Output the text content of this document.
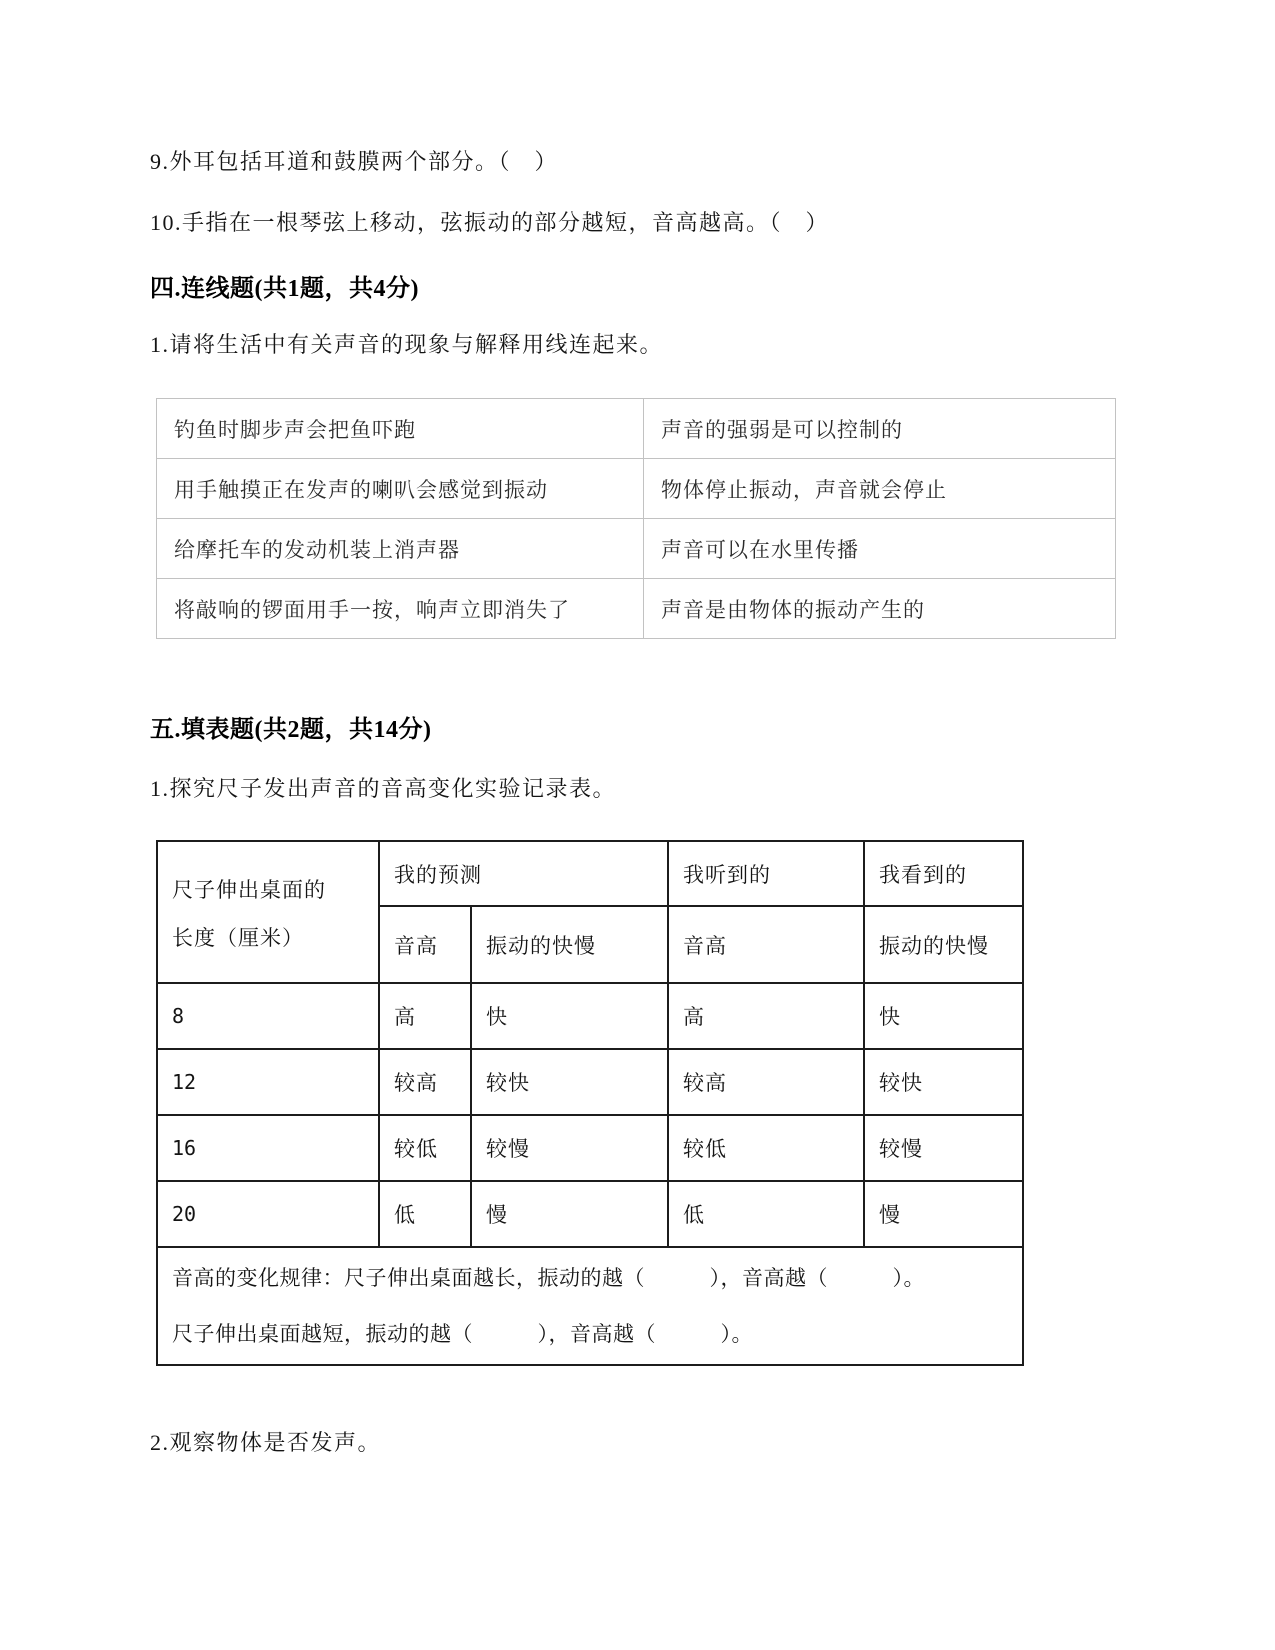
9.外耳包括耳道和鼓膜两个部分。（　）
10.手指在一根琴弦上移动，弦振动的部分越短，音高越高。（　）
四.连线题(共1题，共4分)
1.请将生活中有关声音的现象与解释用线连起来。
钓鱼时脚步声会把鱼吓跑	声音的强弱是可以控制的
用手触摸正在发声的喇叭会感觉到振动	物体停止振动，声音就会停止
给摩托车的发动机装上消声器	声音可以在水里传播
将敲响的锣面用手一按，响声立即消失了	声音是由物体的振动产生的
五.填表题(共2题，共14分)
1.探究尺子发出声音的音高变化实验记录表。
尺子伸出桌面的
长度（厘米）	我的预测		我听到的	我看到的
	音高	振动的快慢	音高	振动的快慢
8	高	快	高	快
12	较高	较快	较高	较快
16	较低	较慢	较低	较慢
20	低	慢	低	慢
音高的变化规律：尺子伸出桌面越长，振动的越（　　　），音高越（　　　）。
尺子伸出桌面越短，振动的越（　　　），音高越（　　　）。				
2.观察物体是否发声。
